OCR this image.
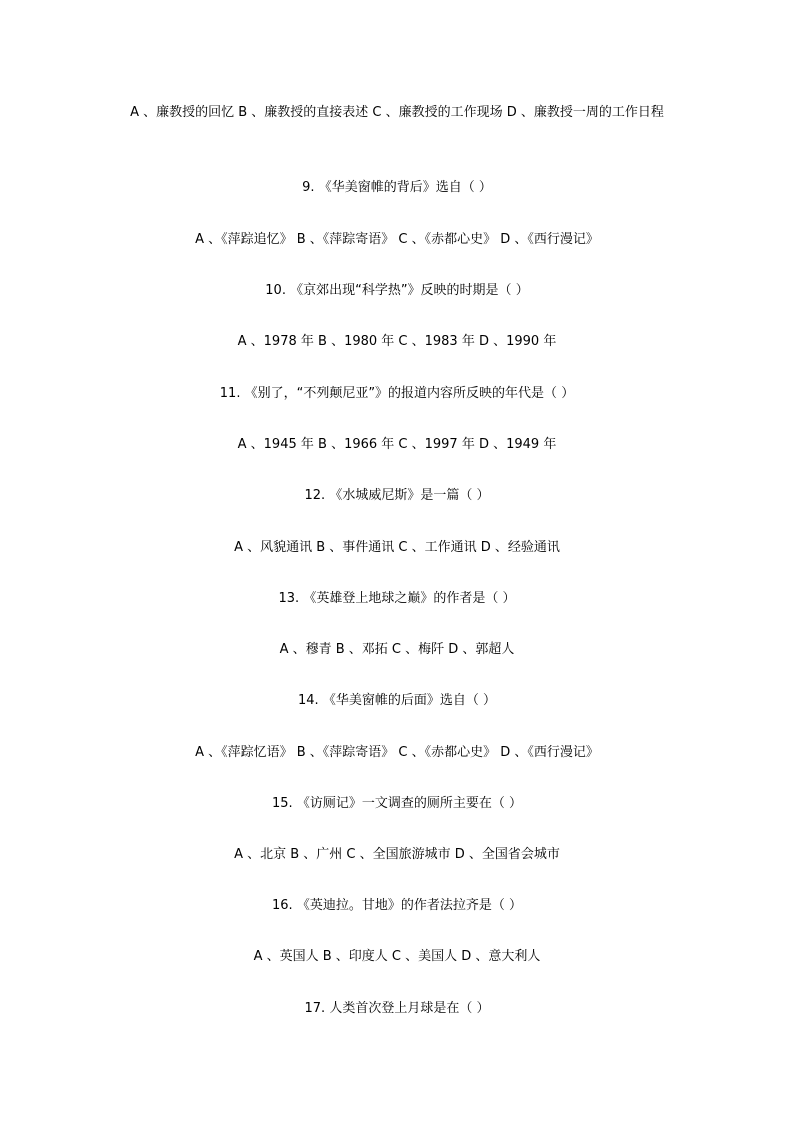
A 、廉教授的回忆 B 、廉教授的直接表述 C 、廉教授的工作现场 D 、廉教授一周的工作日程
9. 《华美窗帷的背后》选自（ ）
A 、《萍踪追忆》 B 、《萍踪寄语》 C 、《赤都心史》 D 、《西行漫记》
10. 《京郊出现“科学热”》反映的时期是（ ）
A 、1978 年 B 、1980 年 C 、1983 年 D 、1990 年
11. 《别了，“不列颠尼亚”》的报道内容所反映的年代是（ ）
A 、1945 年 B 、1966 年 C 、1997 年 D 、1949 年
12. 《水城威尼斯》是一篇（ ）
A 、风貌通讯 B 、事件通讯 C 、工作通讯 D 、经验通讯
13. 《英雄登上地球之巅》的作者是（ ）
A 、穆青 B 、邓拓 C 、梅阡 D 、郭超人
14. 《华美窗帷的后面》选自（ ）
A 、《萍踪忆语》 B 、《萍踪寄语》 C 、《赤都心史》 D 、《西行漫记》
15. 《访厕记》一文调查的厕所主要在（ ）
A 、北京 B 、广州 C 、全国旅游城市 D 、全国省会城市
16. 《英迪拉。甘地》的作者法拉齐是（ ）
A 、英国人 B 、印度人 C 、美国人 D 、意大利人
17. 人类首次登上月球是在（ ）
